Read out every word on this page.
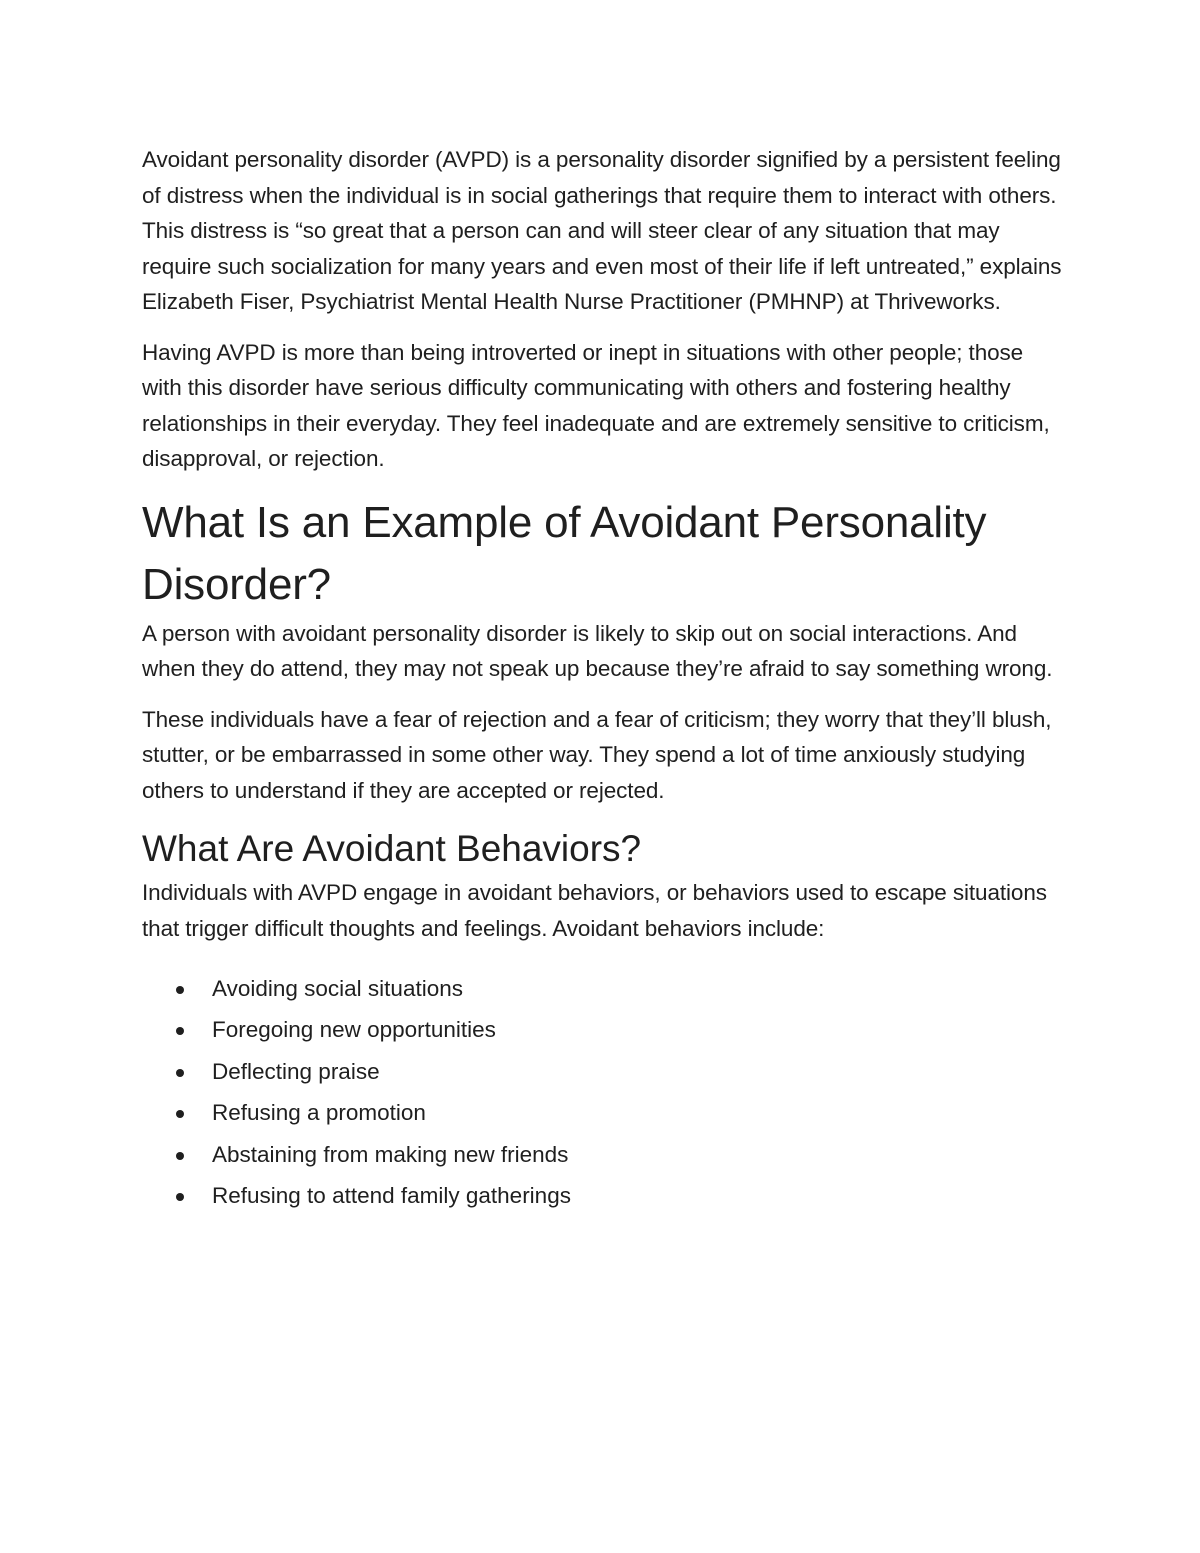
Avoidant personality disorder (AVPD) is a personality disorder signified by a persistent feeling of distress when the individual is in social gatherings that require them to interact with others. This distress is “so great that a person can and will steer clear of any situation that may require such socialization for many years and even most of their life if left untreated,” explains Elizabeth Fiser, Psychiatrist Mental Health Nurse Practitioner (PMHNP) at Thriveworks.

Having AVPD is more than being introverted or inept in situations with other people; those with this disorder have serious difficulty communicating with others and fostering healthy relationships in their everyday. They feel inadequate and are extremely sensitive to criticism, disapproval, or rejection.

What Is an Example of Avoidant Personality Disorder?

A person with avoidant personality disorder is likely to skip out on social interactions. And when they do attend, they may not speak up because they’re afraid to say something wrong.

These individuals have a fear of rejection and a fear of criticism; they worry that they’ll blush, stutter, or be embarrassed in some other way. They spend a lot of time anxiously studying others to understand if they are accepted or rejected.

What Are Avoidant Behaviors?

Individuals with AVPD engage in avoidant behaviors, or behaviors used to escape situations that trigger difficult thoughts and feelings. Avoidant behaviors include:

Avoiding social situations
Foregoing new opportunities
Deflecting praise
Refusing a promotion
Abstaining from making new friends
Refusing to attend family gatherings
